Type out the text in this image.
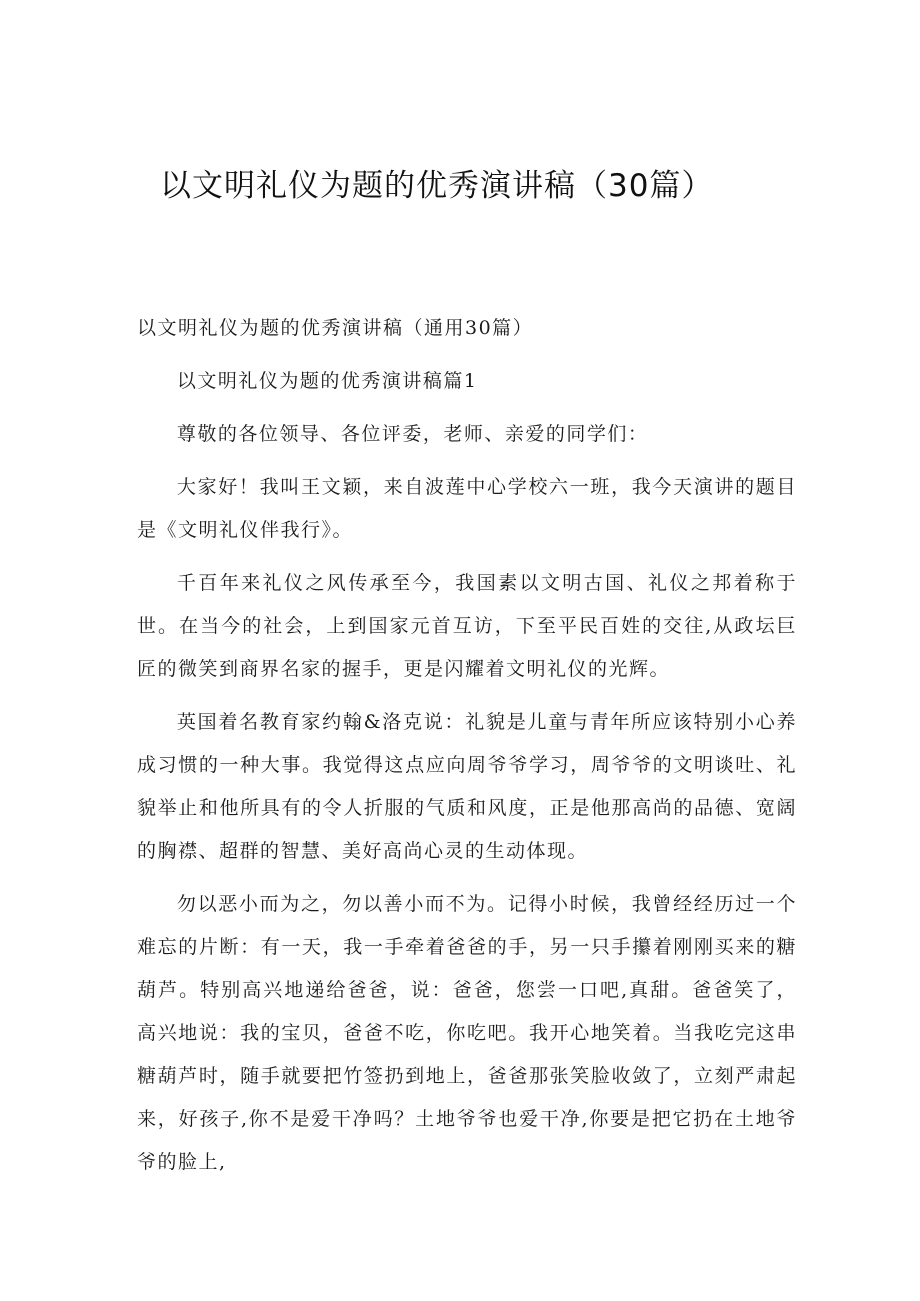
以文明礼仪为题的优秀演讲稿（30篇）

以文明礼仪为题的优秀演讲稿（通用30篇）

以文明礼仪为题的优秀演讲稿篇1

尊敬的各位领导、各位评委，老师、亲爱的同学们：

大家好！我叫王文颖，来自波莲中心学校六一班，我今天演讲的题目是《文明礼仪伴我行》。

千百年来礼仪之风传承至今，我国素以文明古国、礼仪之邦着称于世。在当今的社会，上到国家元首互访，下至平民百姓的交往,从政坛巨匠的微笑到商界名家的握手，更是闪耀着文明礼仪的光辉。

英国着名教育家约翰&洛克说：礼貌是儿童与青年所应该特别小心养成习惯的一种大事。我觉得这点应向周爷爷学习，周爷爷的文明谈吐、礼貌举止和他所具有的令人折服的气质和风度，正是他那高尚的品德、宽阔的胸襟、超群的智慧、美好高尚心灵的生动体现。

勿以恶小而为之，勿以善小而不为。记得小时候，我曾经经历过一个难忘的片断：有一天，我一手牵着爸爸的手，另一只手攥着刚刚买来的糖葫芦。特别高兴地递给爸爸，说：爸爸，您尝一口吧,真甜。爸爸笑了，高兴地说：我的宝贝，爸爸不吃，你吃吧。我开心地笑着。当我吃完这串糖葫芦时，随手就要把竹签扔到地上，爸爸那张笑脸收敛了，立刻严肃起来，好孩子,你不是爱干净吗？土地爷爷也爱干净,你要是把它扔在土地爷爷的脸上,
